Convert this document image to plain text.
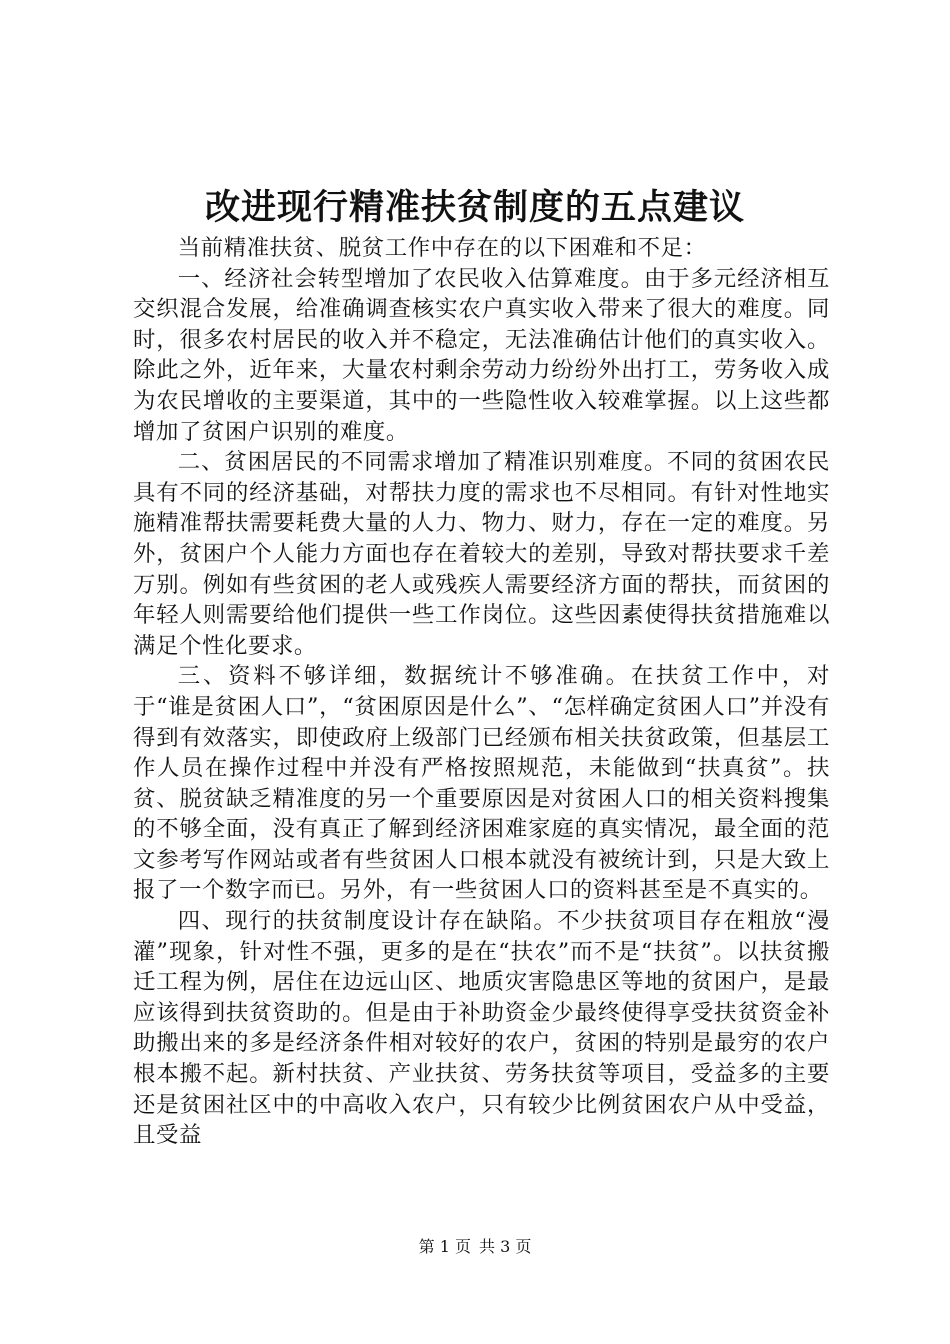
改进现行精准扶贫制度的五点建议

当前精准扶贫、脱贫工作中存在的以下困难和不足：

一、经济社会转型增加了农民收入估算难度。由于多元经济相互交织混合发展，给准确调查核实农户真实收入带来了很大的难度。同时，很多农村居民的收入并不稳定，无法准确估计他们的真实收入。除此之外，近年来，大量农村剩余劳动力纷纷外出打工，劳务收入成为农民增收的主要渠道，其中的一些隐性收入较难掌握。以上这些都增加了贫困户识别的难度。

二、贫困居民的不同需求增加了精准识别难度。不同的贫困农民具有不同的经济基础，对帮扶力度的需求也不尽相同。有针对性地实施精准帮扶需要耗费大量的人力、物力、财力，存在一定的难度。另外，贫困户个人能力方面也存在着较大的差别，导致对帮扶要求千差万别。例如有些贫困的老人或残疾人需要经济方面的帮扶，而贫困的年轻人则需要给他们提供一些工作岗位。这些因素使得扶贫措施难以满足个性化要求。

三、资料不够详细，数据统计不够准确。在扶贫工作中，对于“谁是贫困人口”，“贫困原因是什么”、“怎样确定贫困人口”并没有得到有效落实，即使政府上级部门已经颁布相关扶贫政策，但基层工作人员在操作过程中并没有严格按照规范，未能做到“扶真贫”。扶贫、脱贫缺乏精准度的另一个重要原因是对贫困人口的相关资料搜集的不够全面，没有真正了解到经济困难家庭的真实情况，最全面的范文参考写作网站或者有些贫困人口根本就没有被统计到，只是大致上报了一个数字而已。另外，有一些贫困人口的资料甚至是不真实的。

四、现行的扶贫制度设计存在缺陷。不少扶贫项目存在粗放“漫灌”现象，针对性不强，更多的是在“扶农”而不是“扶贫”。以扶贫搬迁工程为例，居住在边远山区、地质灾害隐患区等地的贫困户，是最应该得到扶贫资助的。但是由于补助资金少最终使得享受扶贫资金补助搬出来的多是经济条件相对较好的农户，贫困的特别是最穷的农户根本搬不起。新村扶贫、产业扶贫、劳务扶贫等项目，受益多的主要还是贫困社区中的中高收入农户，只有较少比例贫困农户从中受益，且受益

第 1 页 共 3 页
